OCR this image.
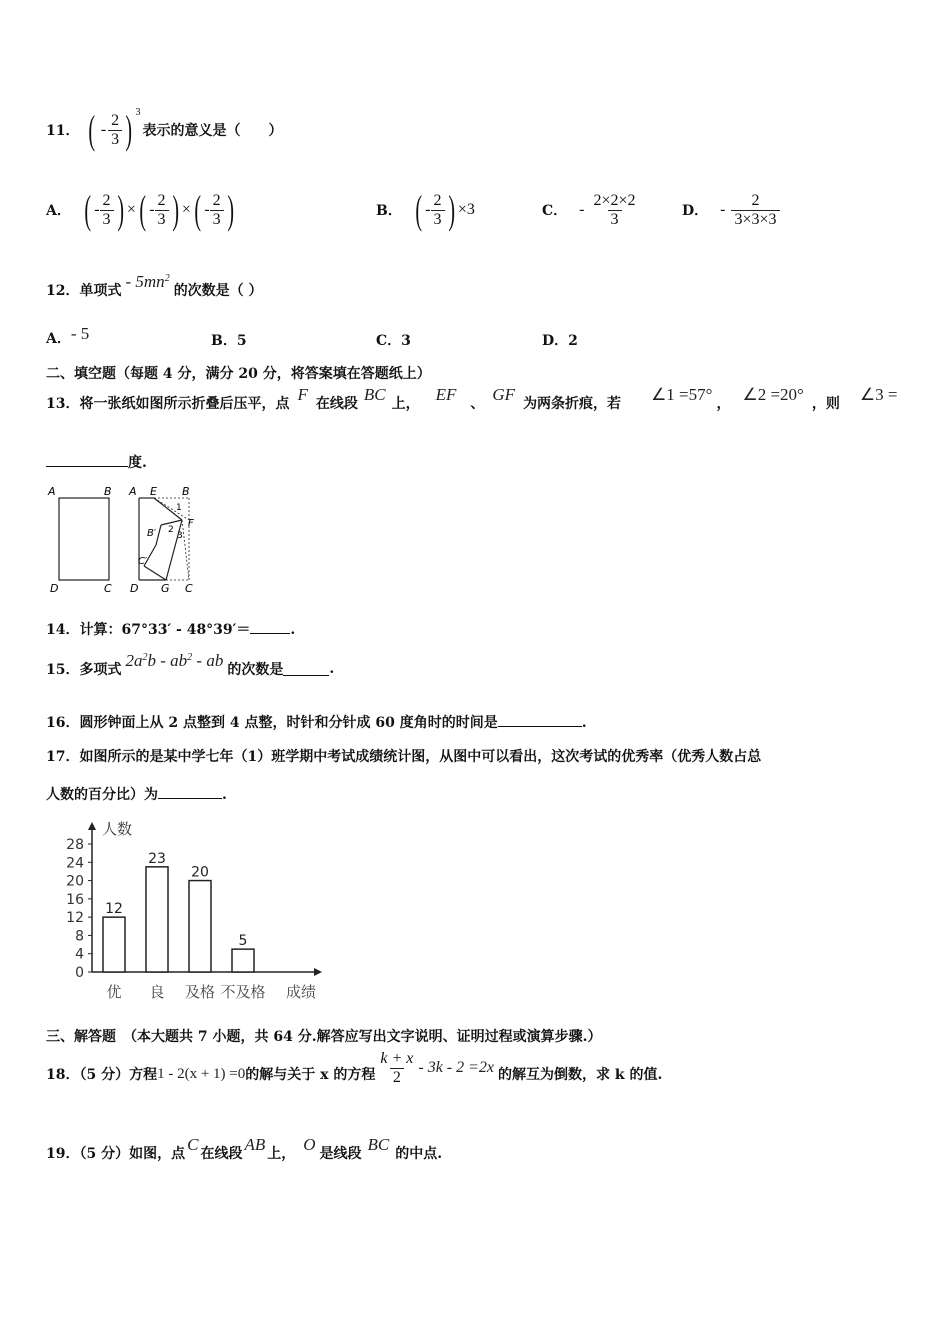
11． ( - $\frac{2}{3}$ ) 3
表示的意义是（　　）
A． ( - $\frac{2}{3}$ ) × ( - $\frac{2}{3}$ ) × ( - $\frac{2}{3}$ )	B． ( - $\frac{2}{3}$ ) ×3	C． - $\frac{2\times 2\times 2}{3}$	D． - $\frac{2}{3\times 3\times 3}$
12． 单项式 - $5mn^2$
的次数是（ ）
A．- 5	B．5	C．3	D．2
二、填空题（每题 4 分，满分 20 分，将答案填在答题纸上）
13． 将一张纸如图所示折叠后压平，点 F 在线段 BC 上， EF 、 GF 为两条折痕，若 ∠1 =57° ， ∠2 =20° ，则 ∠3 =
度.
A	B
D	C
A E B
B′
F
C′
D G C
1
2
3
14．计算：67°33′ - 48°39′＝	.
15． 多项式 $2a^2b - ab^2$ - ab 的次数是	.
16．圆形钟面上从 2 点整到 4 点整，时针和分针成 60 度角时的时间是	.
17．如图所示的是某中学七年（1）班学期中考试成绩统计图，从图中可以看出，这次考试的优秀率（优秀人数占总
人数的百分比）为	.
人数
成绩
0
4
8
12
16
20
24
28
12
优
23
良
20
及格
5
不及格
三、解答题　（本大题共 7 小题，共 64 分.解答应写出文字说明、证明过程或演算步骤.）
18．（5 分）方程 1 - 2(x + 1) =0 的解与关于 x 的方程 $\frac{k + x}{2} - 3k - 2 =2x$ 的解互为倒数，求 k 的值.
19．（5 分）如图，点 C 在线段 AB 上， O 是线段 BC 的中点.
